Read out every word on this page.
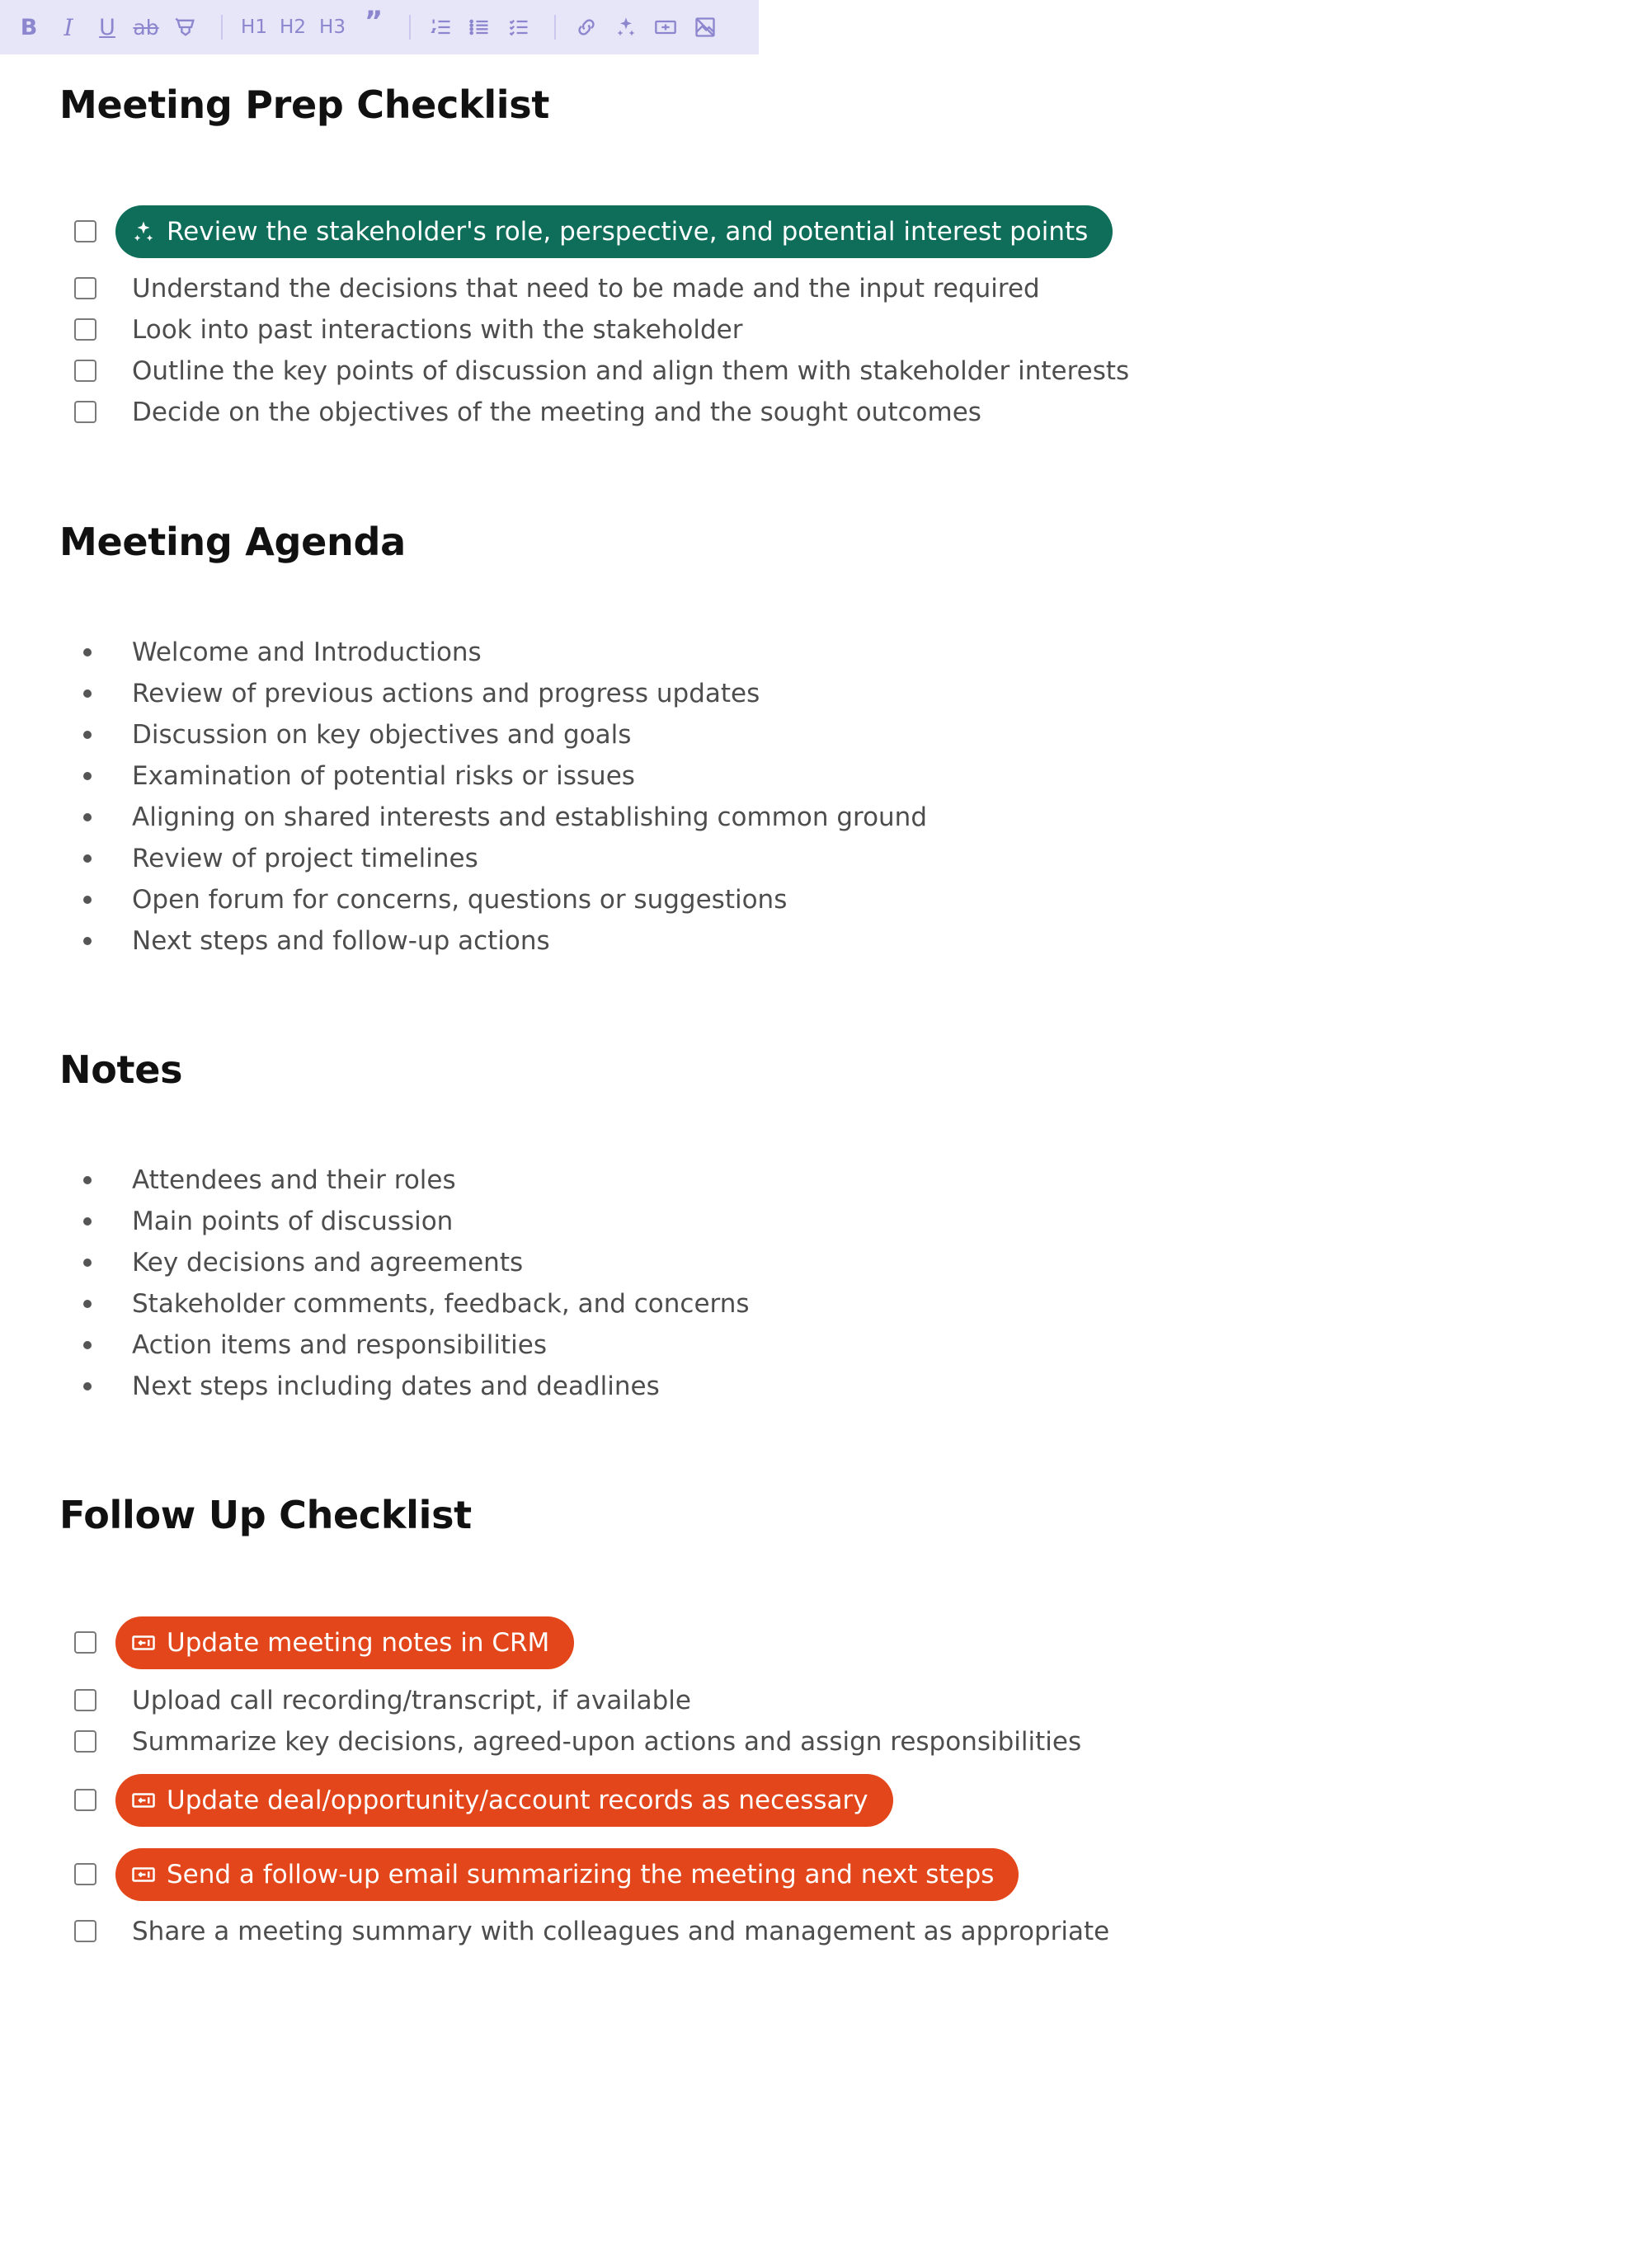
B I U ab	H1 H2 H3 ”
Meeting Prep Checklist
Review the stakeholder's role, perspective, and potential interest points
Understand the decisions that need to be made and the input required
Look into past interactions with the stakeholder
Outline the key points of discussion and align them with stakeholder interests
Decide on the objectives of the meeting and the sought outcomes
Meeting Agenda
Welcome and Introductions
Review of previous actions and progress updates
Discussion on key objectives and goals
Examination of potential risks or issues
Aligning on shared interests and establishing common ground
Review of project timelines
Open forum for concerns, questions or suggestions
Next steps and follow-up actions
Notes
Attendees and their roles
Main points of discussion
Key decisions and agreements
Stakeholder comments, feedback, and concerns
Action items and responsibilities
Next steps including dates and deadlines
Follow Up Checklist
Update meeting notes in CRM
Upload call recording/transcript, if available
Summarize key decisions, agreed-upon actions and assign responsibilities
Update deal/opportunity/account records as necessary
Send a follow-up email summarizing the meeting and next steps
Share a meeting summary with colleagues and management as appropriate
